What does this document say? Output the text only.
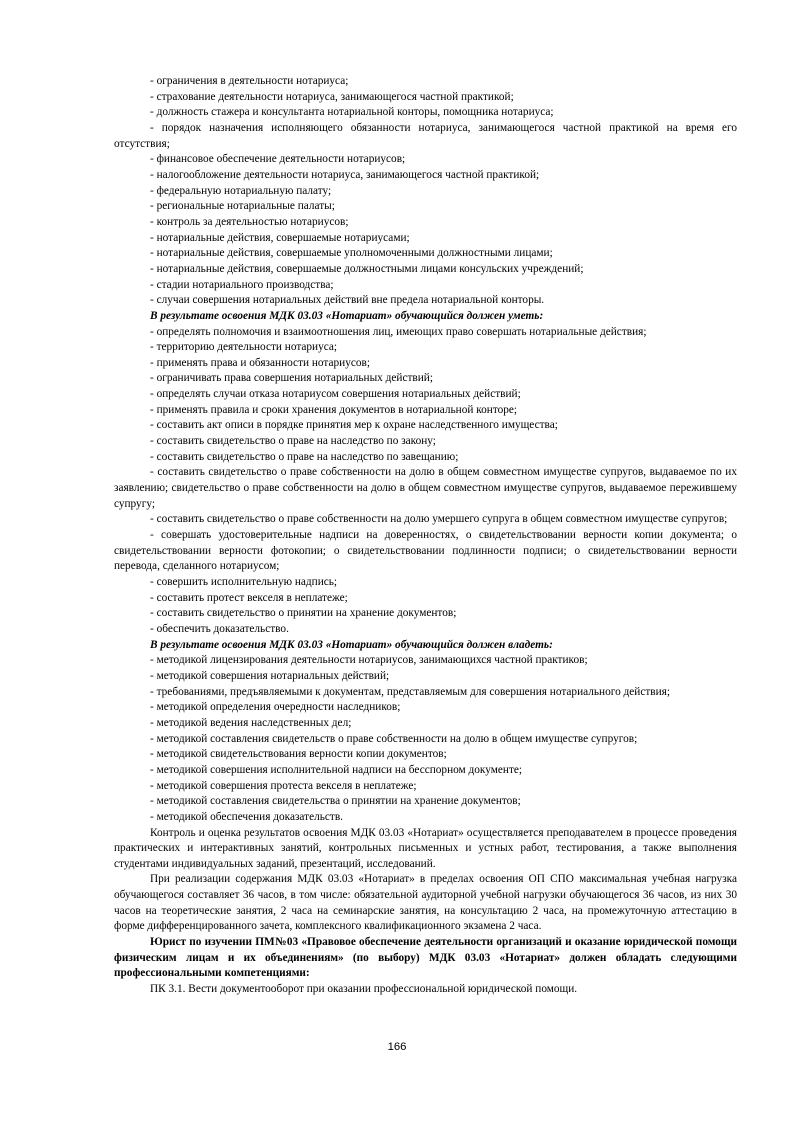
- ограничения в деятельности нотариуса;

- страхование деятельности нотариуса, занимающегося частной практикой;

- должность стажера и консультанта нотариальной конторы, помощника нотариуса;

- порядок назначения исполняющего обязанности нотариуса, занимающегося частной практикой на время его отсутствия;

- финансовое обеспечение деятельности нотариусов;

- налогообложение деятельности нотариуса, занимающегося частной практикой;

- федеральную нотариальную палату;

- региональные нотариальные палаты;

- контроль за деятельностью нотариусов;

- нотариальные действия, совершаемые нотариусами;

- нотариальные действия, совершаемые уполномоченными должностными лицами;

- нотариальные действия, совершаемые должностными лицами консульских учреждений;

- стадии нотариального производства;

- случаи совершения нотариальных действий вне предела нотариальной конторы.

В результате освоения МДК 03.03 «Нотариат» обучающийся должен уметь:

- определять полномочия и взаимоотношения лиц, имеющих право совершать нотариальные действия;

- территорию деятельности нотариуса;

- применять права и обязанности нотариусов;

- ограничивать права совершения нотариальных действий;

- определять случаи отказа нотариусом совершения нотариальных действий;

- применять правила и сроки хранения документов в нотариальной конторе;

- составить акт описи в порядке принятия мер к охране наследственного имущества;

- составить свидетельство о праве на наследство по закону;

- составить свидетельство о праве на наследство по завещанию;

- составить свидетельство о праве собственности на долю в общем совместном имуществе супругов, выдаваемое по их заявлению; свидетельство о праве собственности на долю в общем совместном имуществе супругов, выдаваемое пережившему супругу;

- составить свидетельство о праве собственности на долю умершего супруга в общем совместном имуществе супругов;

- совершать удостоверительные надписи на доверенностях, о свидетельствовании верности копии документа; о свидетельствовании верности фотокопии; о свидетельствовании подлинности подписи; о свидетельствовании верности перевода, сделанного нотариусом;

- совершить исполнительную надпись;

- составить протест векселя в неплатеже;

- составить свидетельство о принятии на хранение документов;

- обеспечить доказательство.

В результате освоения МДК 03.03 «Нотариат» обучающийся должен владеть:

- методикой лицензирования деятельности нотариусов, занимающихся частной практиков;

- методикой совершения нотариальных действий;

- требованиями, предъявляемыми к документам, представляемым для совершения нотариального действия;

- методикой определения очередности наследников;

- методикой ведения наследственных дел;

- методикой составления свидетельств о праве собственности на долю в общем имуществе супругов;

- методикой свидетельствования верности копии документов;

- методикой совершения исполнительной надписи на бесспорном документе;

- методикой совершения протеста векселя в неплатеже;

- методикой составления свидетельства о принятии на хранение документов;

- методикой обеспечения доказательств.

Контроль и оценка результатов освоения МДК 03.03 «Нотариат» осуществляется преподавателем в процессе проведения практических и интерактивных занятий, контрольных письменных и устных работ, тестирования, а также выполнения студентами индивидуальных заданий, презентаций, исследований.

При реализации содержания МДК 03.03 «Нотариат» в пределах освоения ОП СПО максимальная учебная нагрузка обучающегося составляет 36 часов, в том числе: обязательной аудиторной учебной нагрузки обучающегося 36 часов, из них 30 часов на теоретические занятия, 2 часа на семинарские занятия, на консультацию 2 часа, на промежуточную аттестацию в форме дифференцированного зачета, комплексного квалификационного экзамена 2 часа.

Юрист по изучении ПМ№03 «Правовое обеспечение деятельности организаций и оказание юридической помощи физическим лицам и их объединениям» (по выбору) МДК 03.03 «Нотариат» должен обладать следующими профессиональными компетенциями:

ПК 3.1. Вести документооборот при оказании профессиональной юридической помощи.

166
